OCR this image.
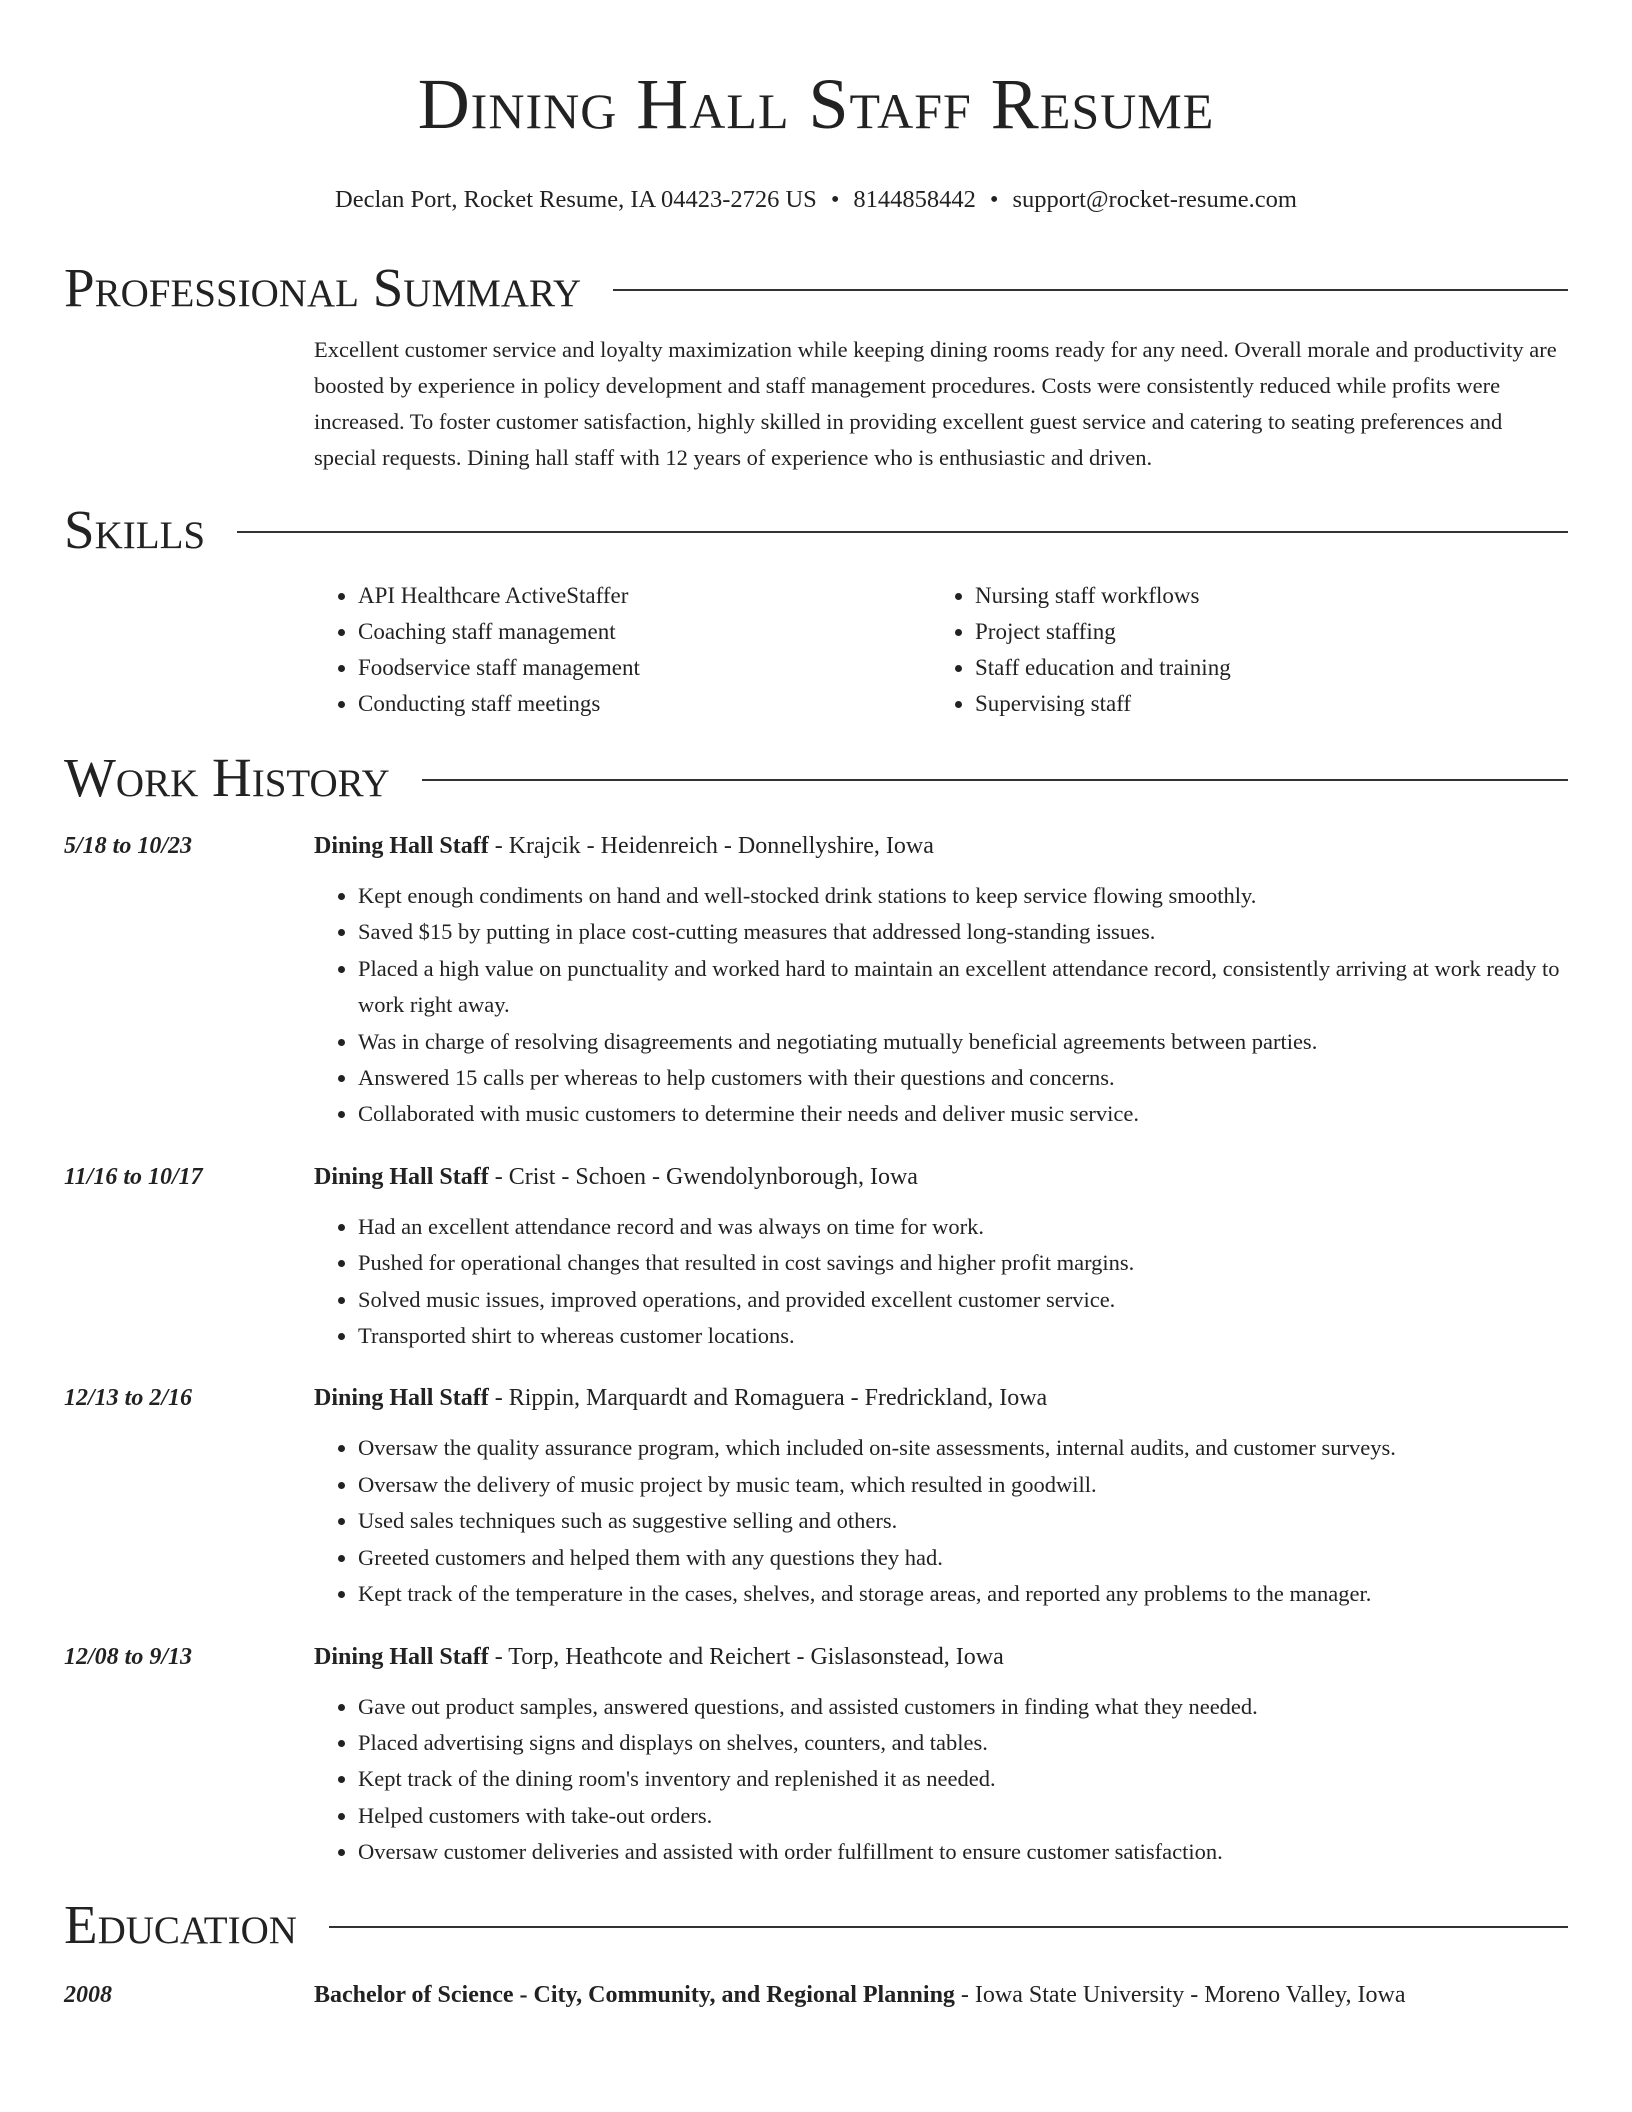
Dining Hall Staff Resume
Declan Port, Rocket Resume, IA 04423-2726 US • 8144858442 • support@rocket-resume.com
Professional Summary
Excellent customer service and loyalty maximization while keeping dining rooms ready for any need. Overall morale and productivity are boosted by experience in policy development and staff management procedures. Costs were consistently reduced while profits were increased. To foster customer satisfaction, highly skilled in providing excellent guest service and catering to seating preferences and special requests. Dining hall staff with 12 years of experience who is enthusiastic and driven.
Skills
• API Healthcare ActiveStaffer
• Coaching staff management
• Foodservice staff management
• Conducting staff meetings
• Nursing staff workflows
• Project staffing
• Staff education and training
• Supervising staff
Work History
5/18 to 10/23	Dining Hall Staff - Krajcik - Heidenreich - Donnellyshire, Iowa
• Kept enough condiments on hand and well-stocked drink stations to keep service flowing smoothly.
• Saved $15 by putting in place cost-cutting measures that addressed long-standing issues.
• Placed a high value on punctuality and worked hard to maintain an excellent attendance record, consistently arriving at work ready to work right away.
• Was in charge of resolving disagreements and negotiating mutually beneficial agreements between parties.
• Answered 15 calls per whereas to help customers with their questions and concerns.
• Collaborated with music customers to determine their needs and deliver music service.
11/16 to 10/17	Dining Hall Staff - Crist - Schoen - Gwendolynborough, Iowa
• Had an excellent attendance record and was always on time for work.
• Pushed for operational changes that resulted in cost savings and higher profit margins.
• Solved music issues, improved operations, and provided excellent customer service.
• Transported shirt to whereas customer locations.
12/13 to 2/16	Dining Hall Staff - Rippin, Marquardt and Romaguera - Fredrickland, Iowa
• Oversaw the quality assurance program, which included on-site assessments, internal audits, and customer surveys.
• Oversaw the delivery of music project by music team, which resulted in goodwill.
• Used sales techniques such as suggestive selling and others.
• Greeted customers and helped them with any questions they had.
• Kept track of the temperature in the cases, shelves, and storage areas, and reported any problems to the manager.
12/08 to 9/13	Dining Hall Staff - Torp, Heathcote and Reichert - Gislasonstead, Iowa
• Gave out product samples, answered questions, and assisted customers in finding what they needed.
• Placed advertising signs and displays on shelves, counters, and tables.
• Kept track of the dining room's inventory and replenished it as needed.
• Helped customers with take-out orders.
• Oversaw customer deliveries and assisted with order fulfillment to ensure customer satisfaction.
Education
2008	Bachelor of Science - City, Community, and Regional Planning - Iowa State University - Moreno Valley, Iowa
